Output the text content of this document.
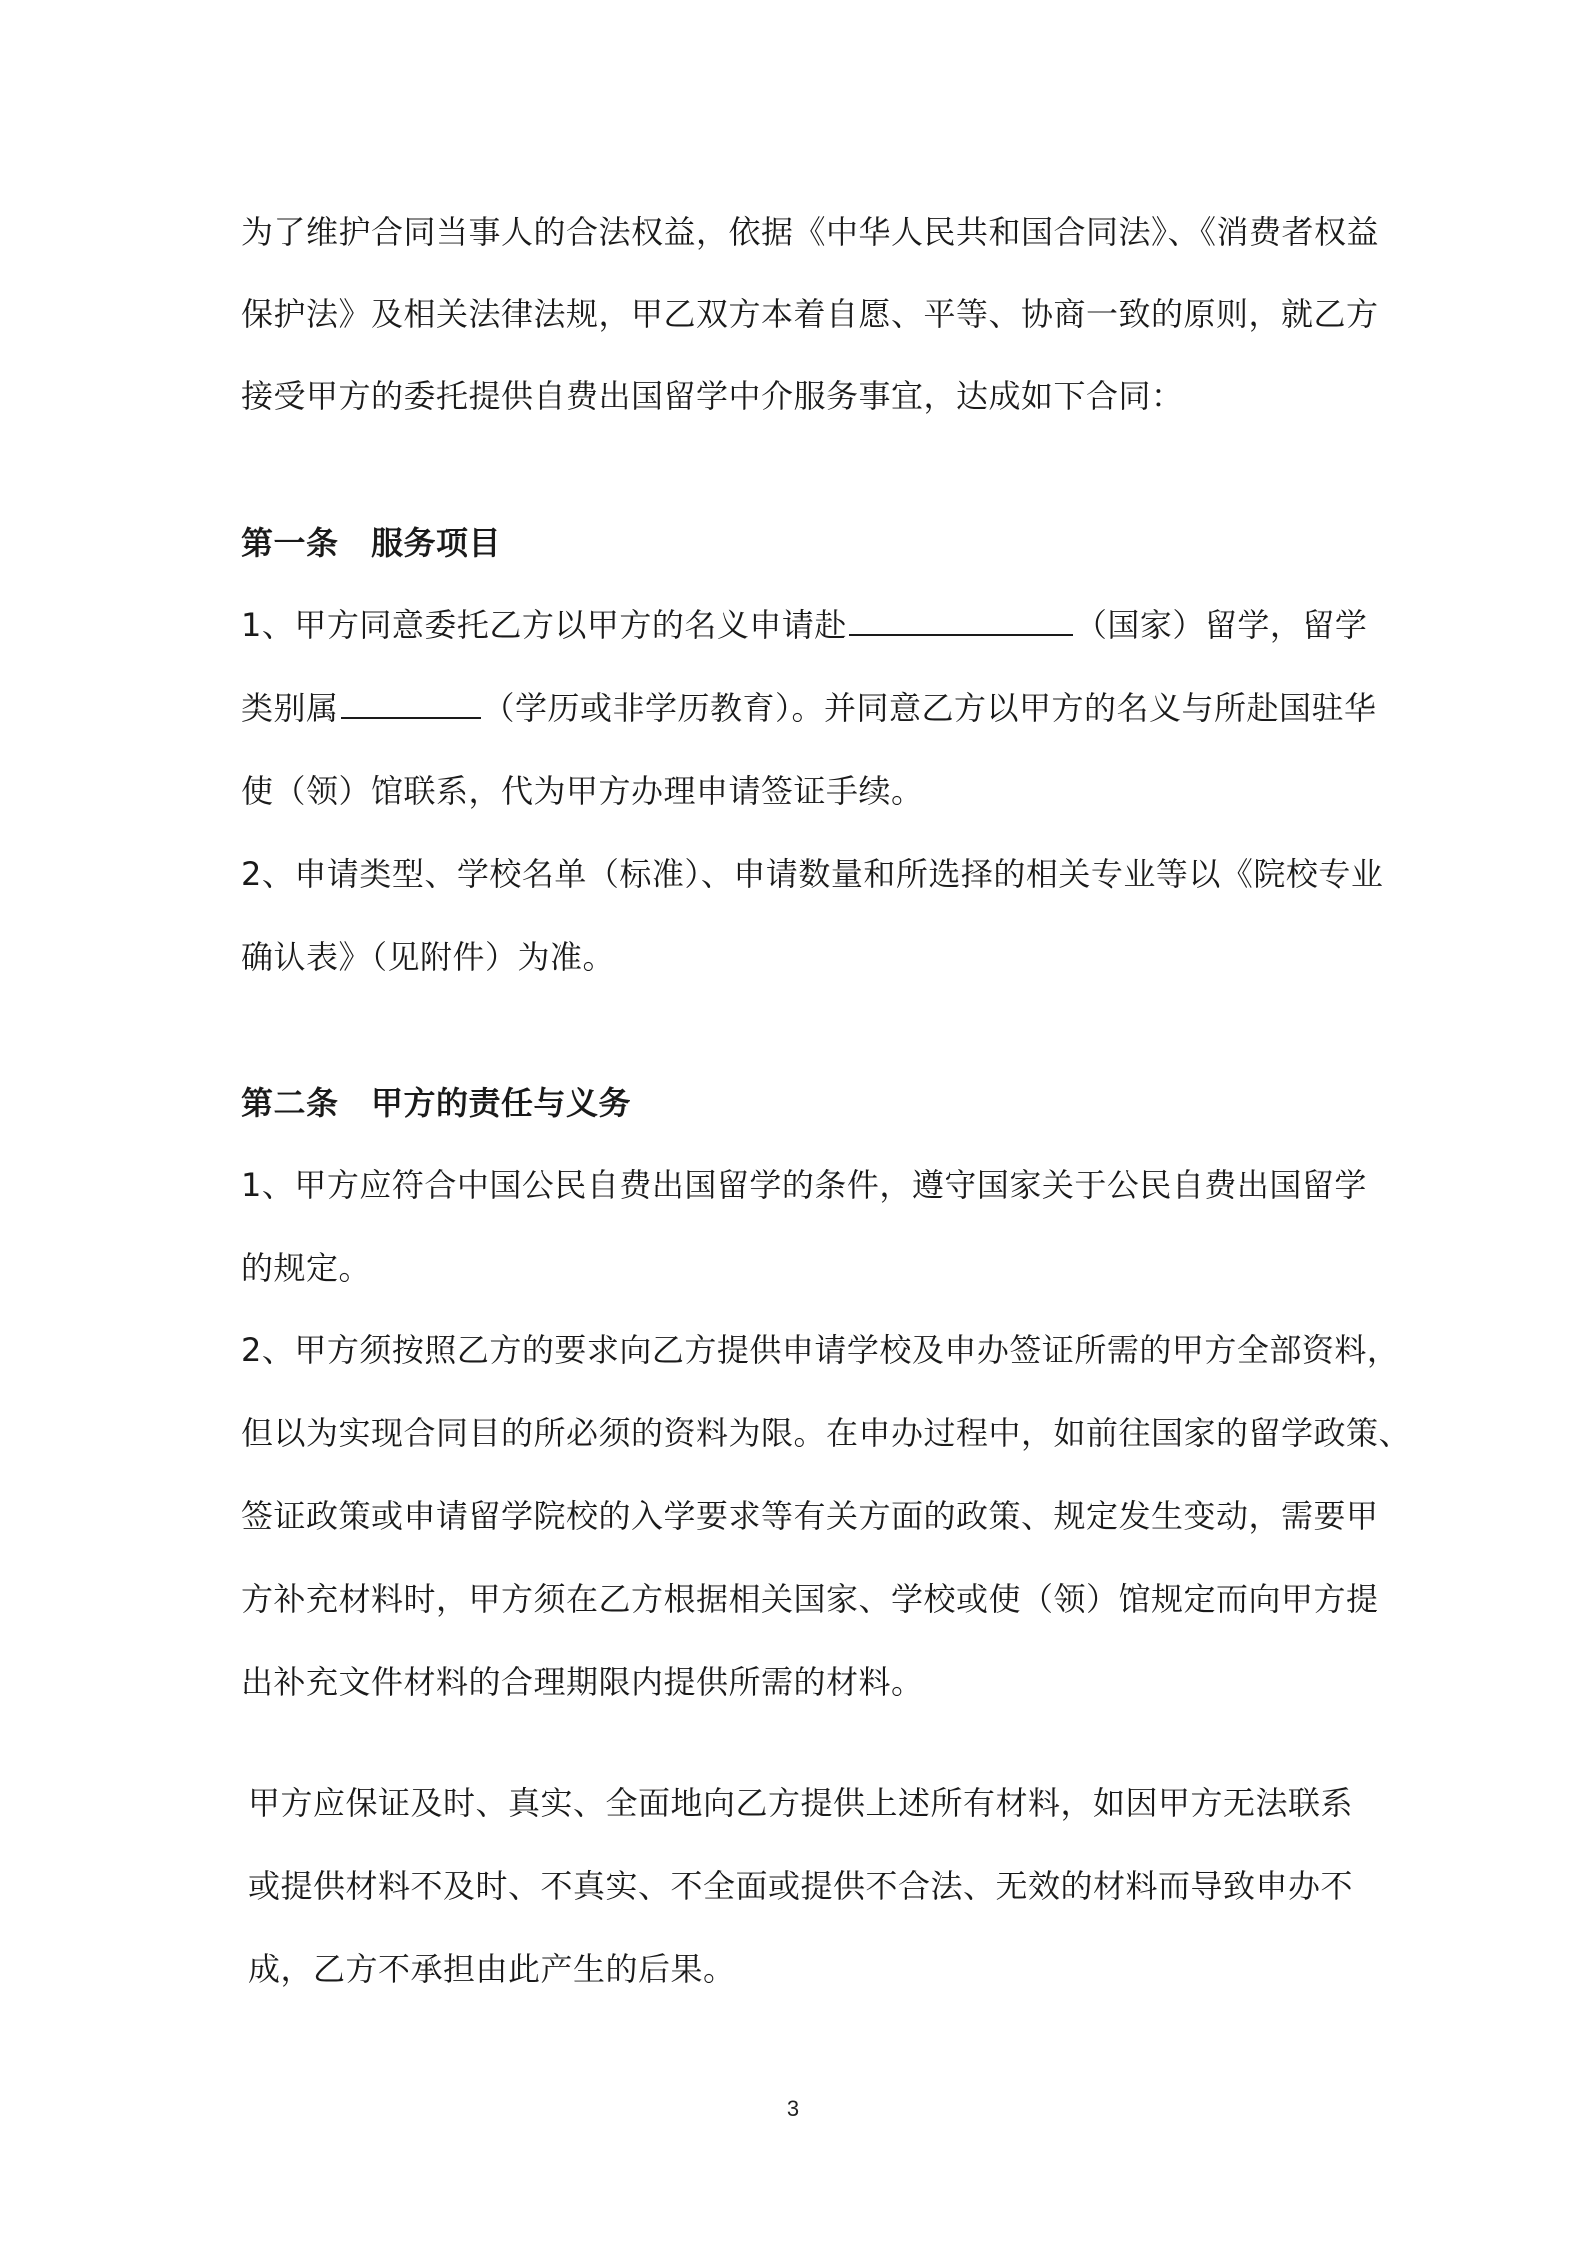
为了维护合同当事人的合法权益，依据《中华人民共和国合同法》、《消费者权益
保护法》及相关法律法规，甲乙双方本着自愿、平等、协商一致的原则，就乙方
接受甲方的委托提供自费出国留学中介服务事宜，达成如下合同：
第一条　服务项目
1、甲方同意委托乙方以甲方的名义申请赴	（国家）留学，留学
类别属	（学历或非学历教育）。并同意乙方以甲方的名义与所赴国驻华
使（领）馆联系，代为甲方办理申请签证手续。
2、申请类型、学校名单（标准）、申请数量和所选择的相关专业等以《院校专业
确认表》（见附件）为准。
第二条　甲方的责任与义务
1、甲方应符合中国公民自费出国留学的条件，遵守国家关于公民自费出国留学
的规定。
2、甲方须按照乙方的要求向乙方提供申请学校及申办签证所需的甲方全部资料，
但以为实现合同目的所必须的资料为限。在申办过程中，如前往国家的留学政策、
签证政策或申请留学院校的入学要求等有关方面的政策、规定发生变动，需要甲
方补充材料时，甲方须在乙方根据相关国家、学校或使（领）馆规定而向甲方提
出补充文件材料的合理期限内提供所需的材料。
甲方应保证及时、真实、全面地向乙方提供上述所有材料，如因甲方无法联系
或提供材料不及时、不真实、不全面或提供不合法、无效的材料而导致申办不
成，乙方不承担由此产生的后果。
3
